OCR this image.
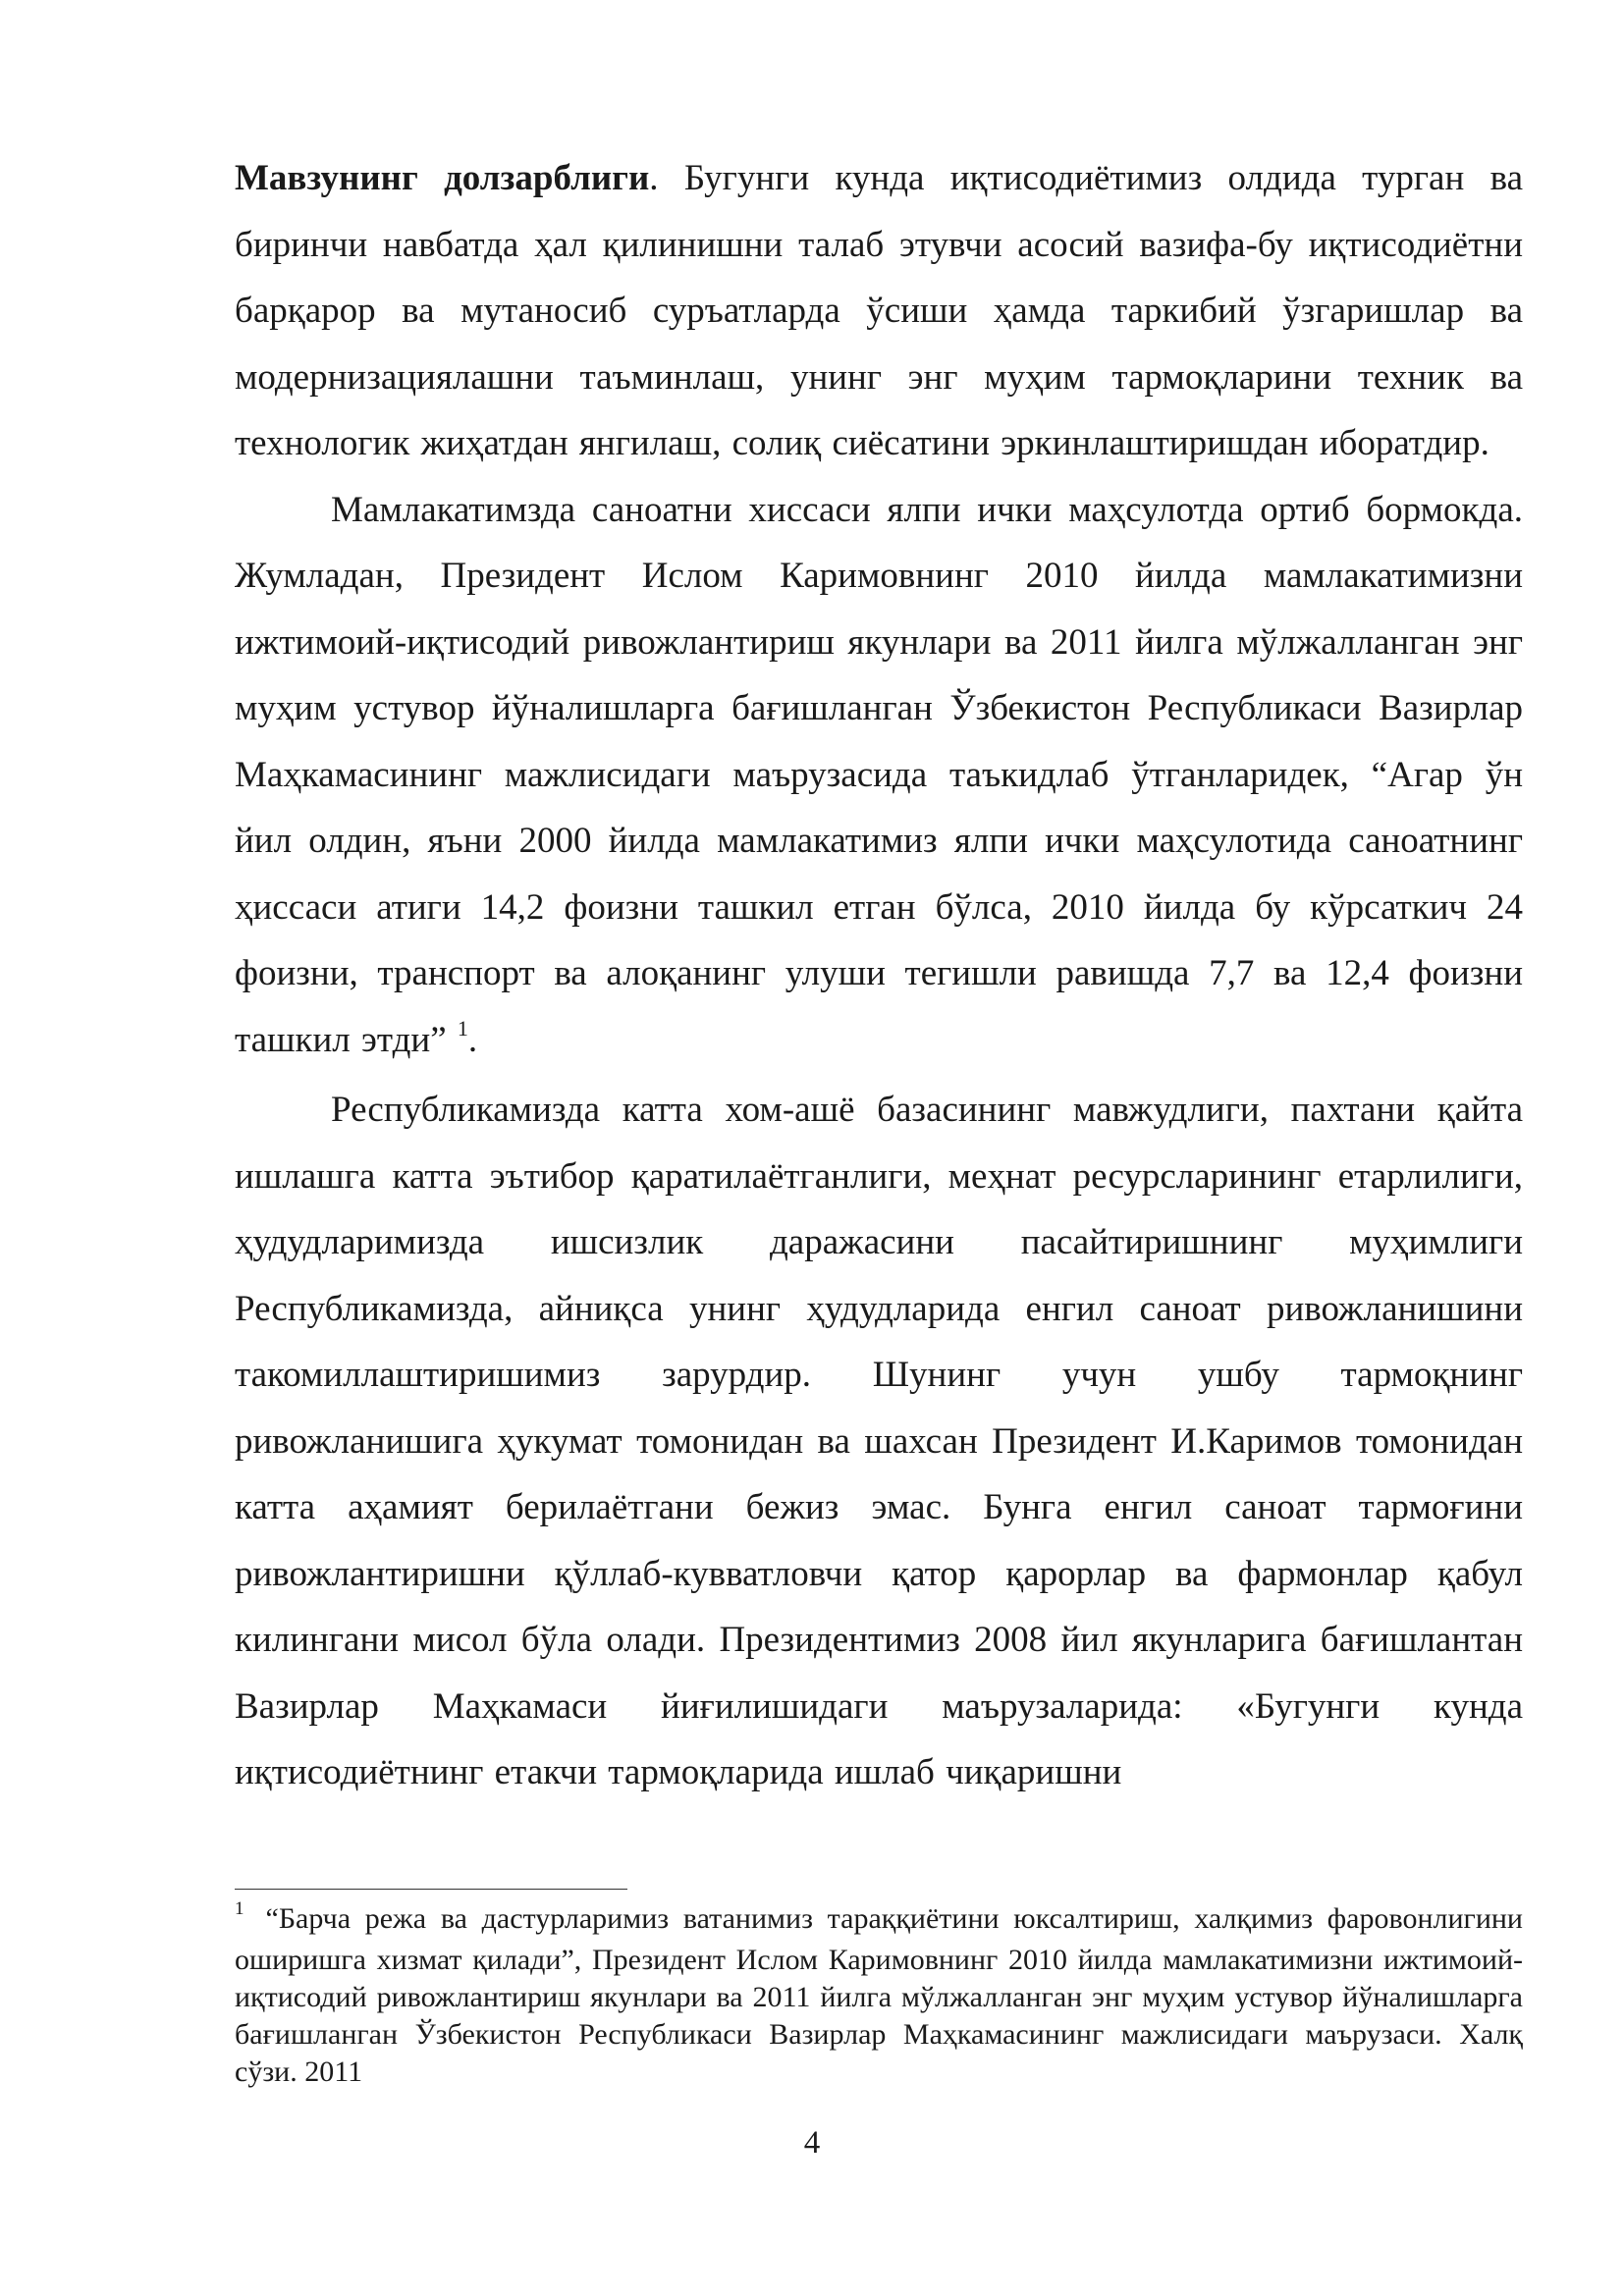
Мавзунинг долзарблиги. Бугунги кунда иқтисодиётимиз олдида турган ва биринчи навбатда ҳал қилинишни талаб этувчи асосий вазифа-бу иқтисодиётни барқарор ва мутаносиб суръатларда ўсиши ҳамда таркибий ўзгаришлар ва модернизациялашни таъминлаш, унинг энг муҳим тармоқларини техник ва технологик жиҳатдан янгилаш, солиқ сиёсатини эркинлаштиришдан иборатдир.

Мамлакатимзда саноатни хиссаси ялпи ички маҳсулотда ортиб бормокда. Жумладан, Президент Ислом Каримовнинг 2010 йилда мамлакатимизни ижтимоий-иқтисодий ривожлантириш якунлари ва 2011 йилга мўлжалланган энг муҳим устувор йўналишларга бағишланган Ўзбекистон Республикаси Вазирлар Маҳкамасининг мажлисидаги маърузасида таъкидлаб ўтганларидек, “Агар ўн йил олдин, яъни 2000 йилда мамлакатимиз ялпи ички маҳсулотида саноатнинг ҳиссаси атиги 14,2 фоизни ташкил етган бўлса, 2010 йилда бу кўрсаткич 24 фоизни, транспорт ва алоқанинг улуши тегишли равишда 7,7 ва 12,4 фоизни ташкил этди” $^1$.

Республикамизда катта хом-ашё базасининг мавжудлиги, пахтани қайта ишлашга катта эътибор қаратилаётганлиги, меҳнат ресурсларининг етарлилиги, ҳудудларимизда ишсизлик даражасини пасайтиришнинг муҳимлиги Республикамизда, айниқса унинг ҳудудларида енгил саноат ривожланишини такомиллаштиришимиз зарурдир. Шунинг учун ушбу тармоқнинг ривожланишига ҳукумат томонидан ва шахсан Президент И.Каримов томонидан катта аҳамият берилаётгани бежиз эмас. Бунга енгил саноат тармоғини ривожлантиришни қўллаб-кувватловчи қатор қарорлар ва фармонлар қабул килингани мисол бўла олади. Президентимиз 2008 йил якунларига бағишлантан Вазирлар Маҳкамаси йиғилишидаги маърузаларида: «Бугунги кунда иқтисодиётнинг етакчи тармоқларида ишлаб чиқаришни

$^1$ “Барча режа ва дастурларимиз ватанимиз тараққиётини юксалтириш, халқимиз фаровонлигини оширишга хизмат қилади”, Президент Ислом Каримовнинг 2010 йилда мамлакатимизни ижтимоий-иқтисодий ривожлантириш якунлари ва 2011 йилга мўлжалланган энг муҳим устувор йўналишларга бағишланган Ўзбекистон Республикаси Вазирлар Маҳкамасининг мажлисидаги маърузаси. Халқ сўзи. 2011

4
